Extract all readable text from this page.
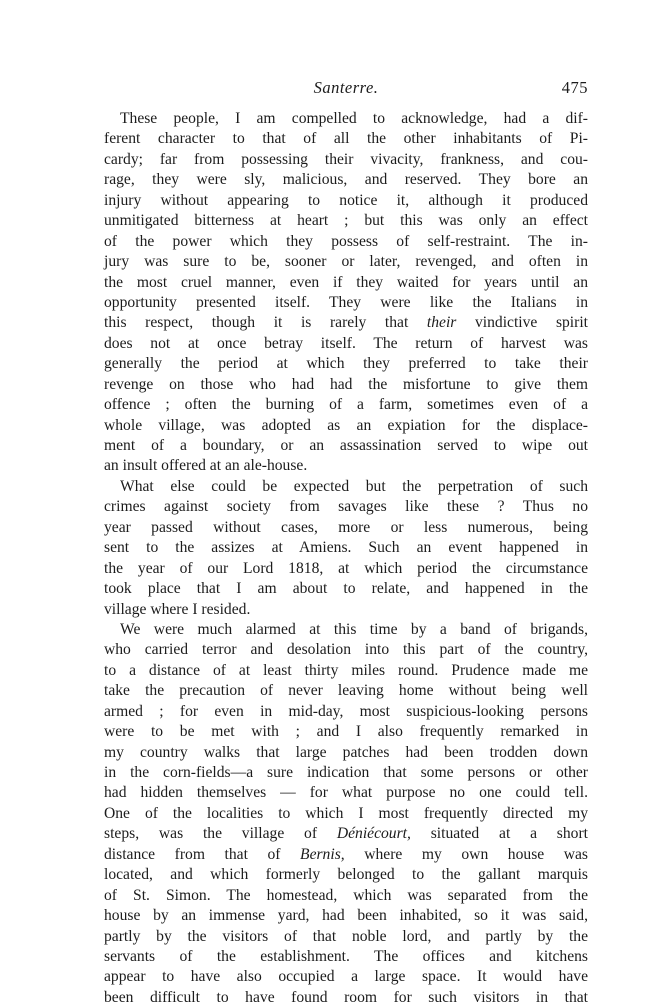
Santerre.	475
These people, I am compelled to acknowledge, had a dif-
ferent character to that of all the other inhabitants of Pi-
cardy; far from possessing their vivacity, frankness, and cou-
rage, they were sly, malicious, and reserved. They bore an
injury without appearing to notice it, although it produced
unmitigated bitterness at heart ; but this was only an effect
of the power which they possess of self-restraint. The in-
jury was sure to be, sooner or later, revenged, and often in
the most cruel manner, even if they waited for years until an
opportunity presented itself. They were like the Italians in
this respect, though it is rarely that their vindictive spirit
does not at once betray itself. The return of harvest was
generally the period at which they preferred to take their
revenge on those who had had the misfortune to give them
offence ; often the burning of a farm, sometimes even of a
whole village, was adopted as an expiation for the displace-
ment of a boundary, or an assassination served to wipe out
an insult offered at an ale-house.
What else could be expected but the perpetration of such
crimes against society from savages like these ? Thus no
year passed without cases, more or less numerous, being
sent to the assizes at Amiens. Such an event happened in
the year of our Lord 1818, at which period the circumstance
took place that I am about to relate, and happened in the
village where I resided.
We were much alarmed at this time by a band of brigands,
who carried terror and desolation into this part of the country,
to a distance of at least thirty miles round. Prudence made me
take the precaution of never leaving home without being well
armed ; for even in mid-day, most suspicious-looking persons
were to be met with ; and I also frequently remarked in
my country walks that large patches had been trodden down
in the corn-fields—a sure indication that some persons or other
had hidden themselves — for what purpose no one could tell.
One of the localities to which I most frequently directed my
steps, was the village of Déniécourt, situated at a short
distance from that of Bernis, where my own house was
located, and which formerly belonged to the gallant marquis
of St. Simon. The homestead, which was separated from the
house by an immense yard, had been inhabited, so it was said,
partly by the visitors of that noble lord, and partly by the
servants of the establishment. The offices and kitchens
appear to have also occupied a large space. It would have
been difficult to have found room for such visitors in that
